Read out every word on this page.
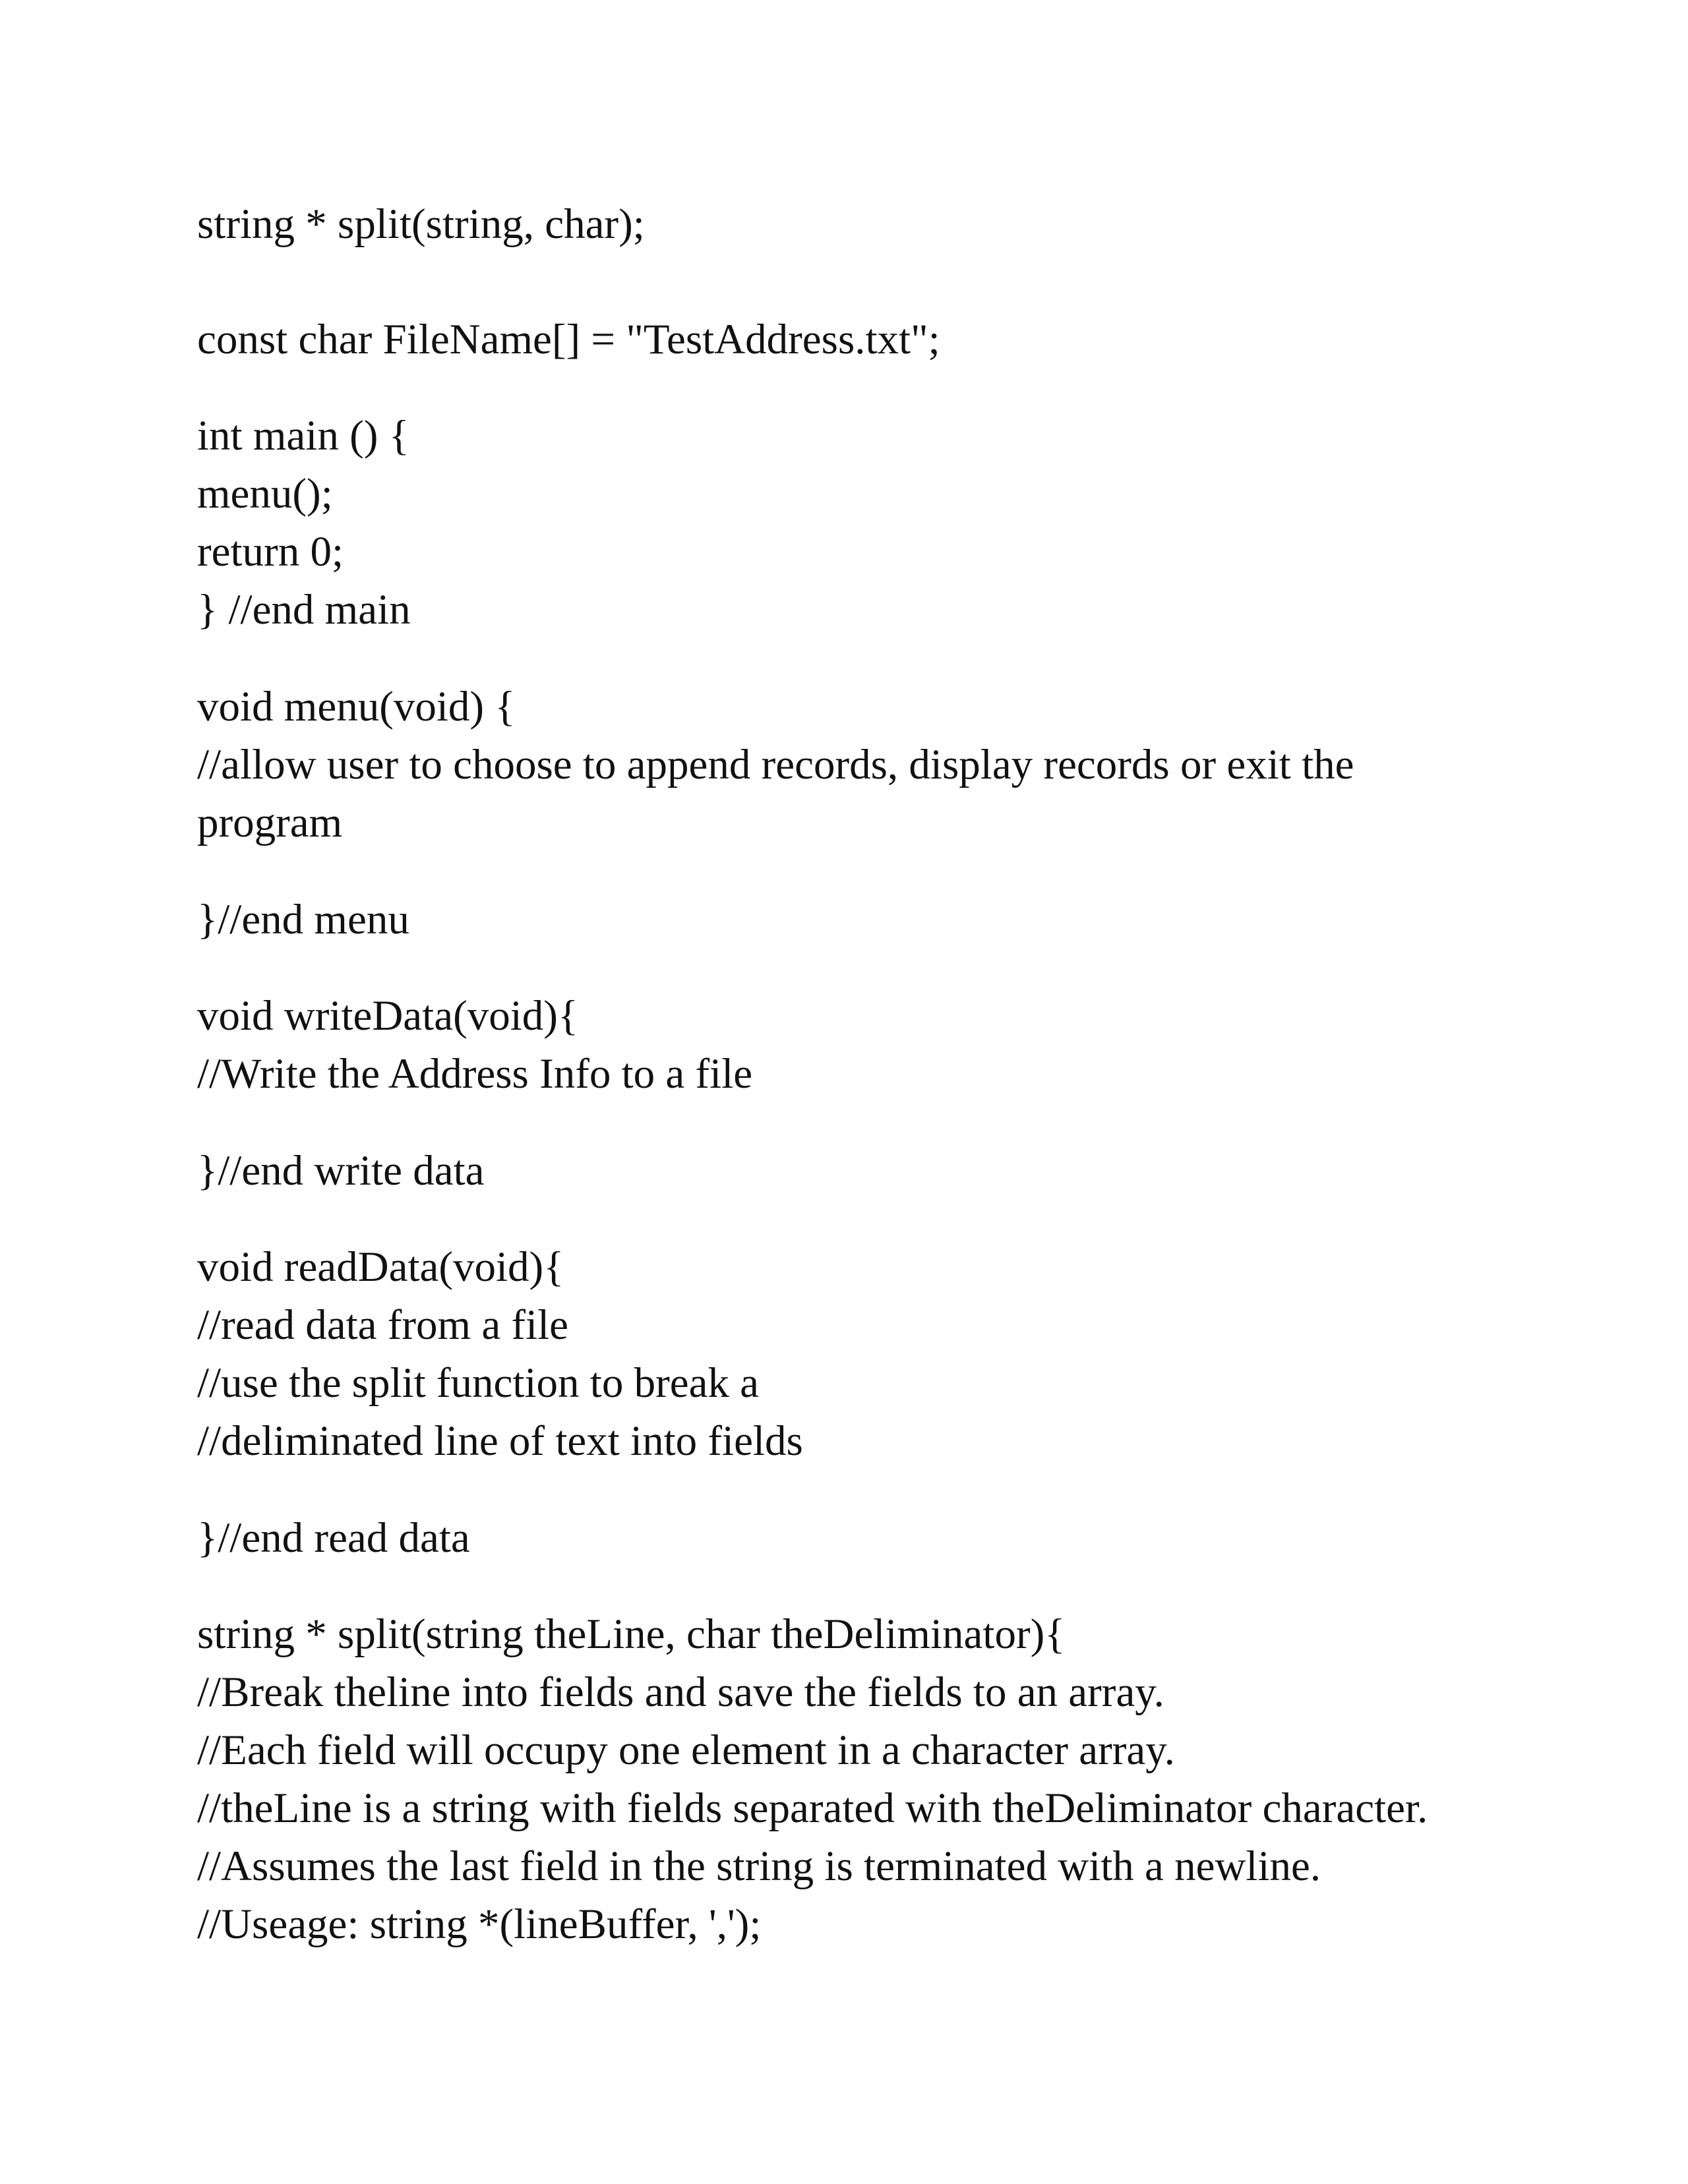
string * split(string, char);
const char FileName[] = "TestAddress.txt";
int main () {
menu();
return 0;
} //end main
void menu(void) {
//allow user to choose to append records, display records or exit the program
}//end menu
void writeData(void){
//Write the Address Info to a file
}//end write data
void readData(void){
//read data from a file
//use the split function to break a
//deliminated line of text into fields
}//end read data
string * split(string theLine, char theDeliminator){
//Break theline into fields and save the fields to an array.
//Each field will occupy one element in a character array.
//theLine is a string with fields separated with theDeliminator character.
//Assumes the last field in the string is terminated with a newline.
//Useage: string *(lineBuffer, ',');
